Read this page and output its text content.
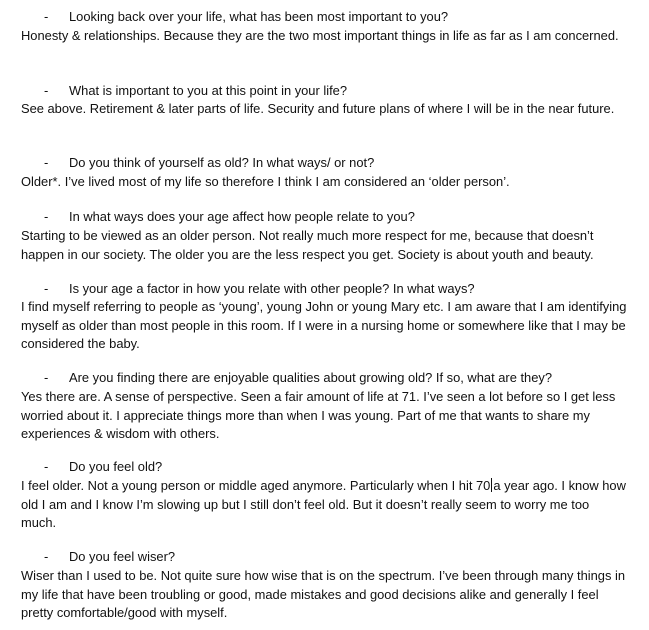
- Looking back over your life, what has been most important to you?
Honesty & relationships. Because they are the two most important things in life as far as I am concerned.
- What is important to you at this point in your life?
See above. Retirement & later parts of life. Security and future plans of where I will be in the near future.
- Do you think of yourself as old? In what ways/ or not?
Older*. I’ve lived most of my life so therefore I think I am considered an ‘older person’.
- In what ways does your age affect how people relate to you?
Starting to be viewed as an older person. Not really much more respect for me, because that doesn’t happen in our society. The older you are the less respect you get. Society is about youth and beauty.
- Is your age a factor in how you relate with other people? In what ways?
I find myself referring to people as ‘young’, young John or young Mary etc. I am aware that I am identifying myself as older than most people in this room. If I were in a nursing home or somewhere like that I may be considered the baby.
- Are you finding there are enjoyable qualities about growing old? If so, what are they?
Yes there are. A sense of perspective. Seen a fair amount of life at 71. I’ve seen a lot before so I get less worried about it. I appreciate things more than when I was young. Part of me that wants to share my experiences & wisdom with others.
- Do you feel old?
I feel older. Not a young person or middle aged anymore. Particularly when I hit 70 a year ago. I know how old I am and I know I’m slowing up but I still don’t feel old. But it doesn’t really seem to worry me too much.
- Do you feel wiser?
Wiser than I used to be. Not quite sure how wise that is on the spectrum. I’ve been through many things in my life that have been troubling or good, made mistakes and good decisions alike and generally I feel pretty comfortable/good with myself.
